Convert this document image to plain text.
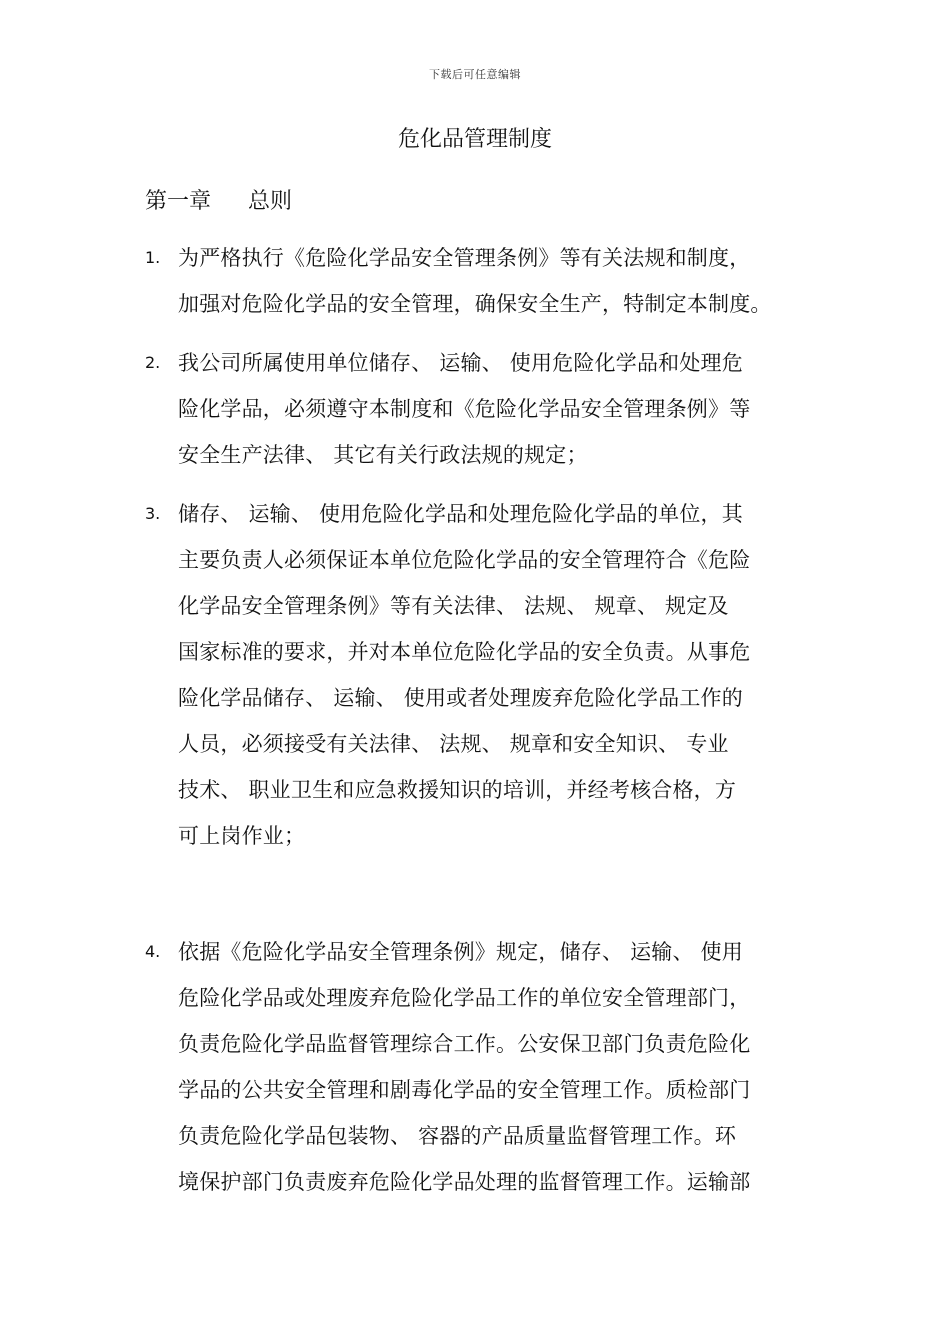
下载后可任意编辑
危化品管理制度
第一章 总则
1. 为严格执行《危险化学品安全管理条例》等有关法规和制度，
加强对危险化学品的安全管理，确保安全生产，特制定本制度。
2. 我公司所属使用单位储存、 运输、 使用危险化学品和处理危
险化学品，必须遵守本制度和《危险化学品安全管理条例》等
安全生产法律、 其它有关行政法规的规定；
3. 储存、 运输、 使用危险化学品和处理危险化学品的单位，其
主要负责人必须保证本单位危险化学品的安全管理符合《危险
化学品安全管理条例》等有关法律、 法规、 规章、 规定及
国家标准的要求，并对本单位危险化学品的安全负责。从事危
险化学品储存、 运输、 使用或者处理废弃危险化学品工作的
人员，必须接受有关法律、 法规、 规章和安全知识、 专业
技术、 职业卫生和应急救援知识的培训，并经考核合格，方
可上岗作业；
4. 依据《危险化学品安全管理条例》规定，储存、 运输、 使用
危险化学品或处理废弃危险化学品工作的单位安全管理部门，
负责危险化学品监督管理综合工作。公安保卫部门负责危险化
学品的公共安全管理和剧毒化学品的安全管理工作。质检部门
负责危险化学品包装物、 容器的产品质量监督管理工作。环
境保护部门负责废弃危险化学品处理的监督管理工作。运输部
